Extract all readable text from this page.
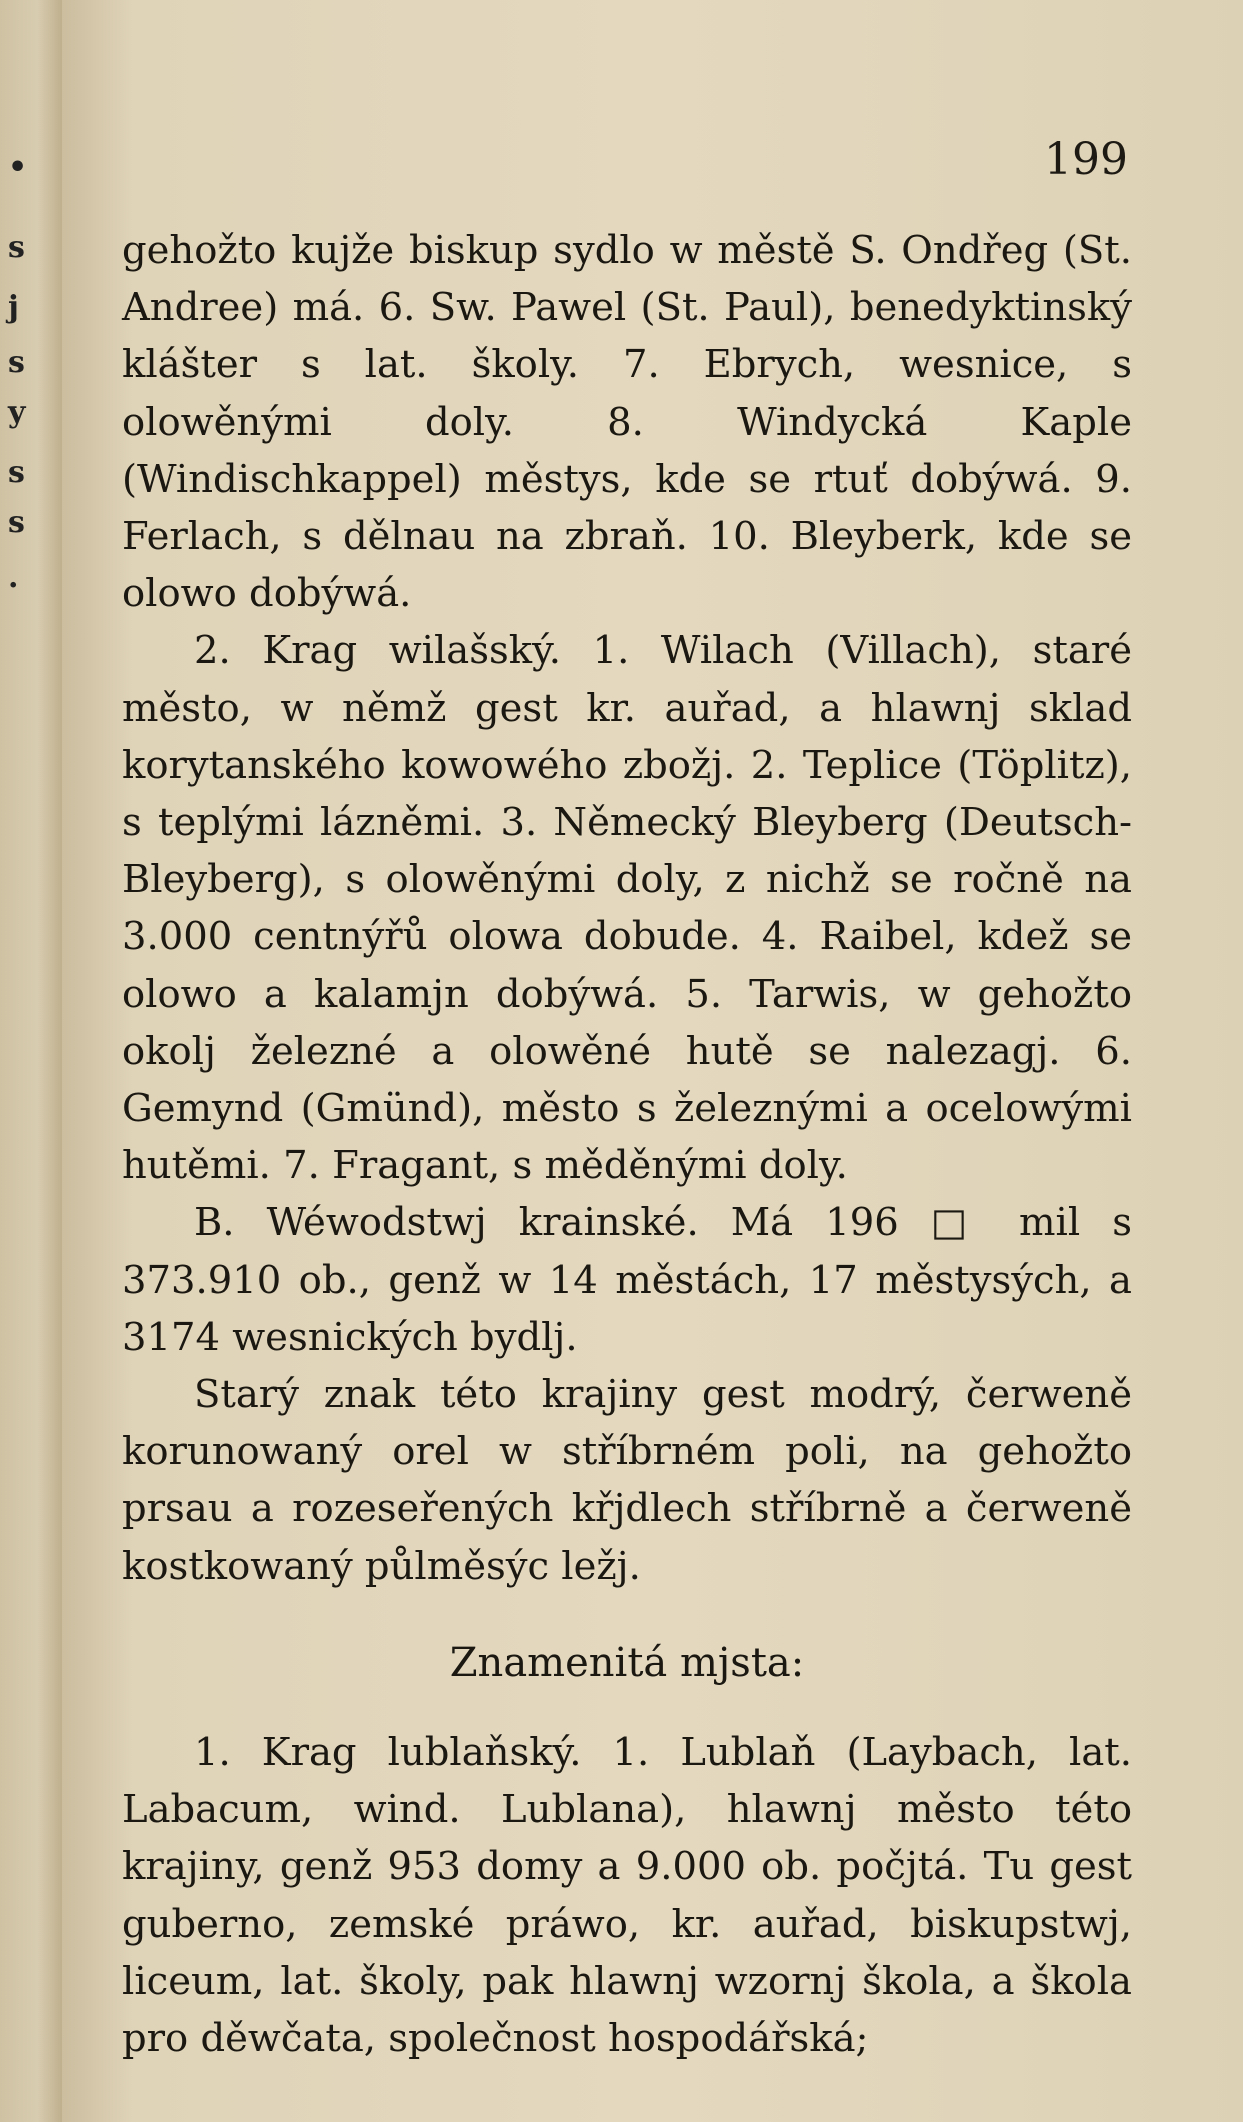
•
s
j
s
y
s
s
.
199

gehožto kujže biskup sydlo w městě S. Ondřeg (St. Andree) má. 6. Sw. Pawel (St. Paul), benedyktinský klášter s lat. školy. 7. Ebrych, wesnice, s olowěnými doly. 8. Windycká Kaple (Windischkappel) městys, kde se rtuť dobýwá. 9. Ferlach, s dělnau na zbraň. 10. Bleyberk, kde se olowo dobýwá.

2. Krag wilašský. 1. Wilach (Villach), staré město, w němž gest kr. auřad, a hlawnj sklad korytanského kowowého zbožj. 2. Teplice (Töplitz), s teplými lázněmi. 3. Německý Bleyberg (Deutsch-Bleyberg), s olowěnými doly, z nichž se ročně na 3.000 centnýřů olowa dobude. 4. Raibel, kdež se olowo a kalamjn dobýwá. 5. Tarwis, w gehožto okolj železné a olowěné hutě se nalezagj. 6. Gemynd (Gmünd), město s železnými a ocelowými hutěmi. 7. Fragant, s měděnými doly.

B. Wéwodstwj krainské. Má 196 □ mil s 373.910 ob., genž w 14 městách, 17 městysých, a 3174 wesnických bydlj.

Starý znak této krajiny gest modrý, čerweně korunowaný orel w stříbrném poli, na gehožto prsau a rozeseřených křjdlech stříbrně a čerweně kostkowaný půlměsýc ležj.

Znamenitá mjsta:

1. Krag lublaňský. 1. Lublaň (Laybach, lat. Labacum, wind. Lublana), hlawnj město této krajiny, genž 953 domy a 9.000 ob. počjtá. Tu gest guberno, zemské práwo, kr. auřad, biskupstwj, liceum, lat. školy, pak hlawnj wzornj škola, a škola pro děwčata, společnost hospodářská;
